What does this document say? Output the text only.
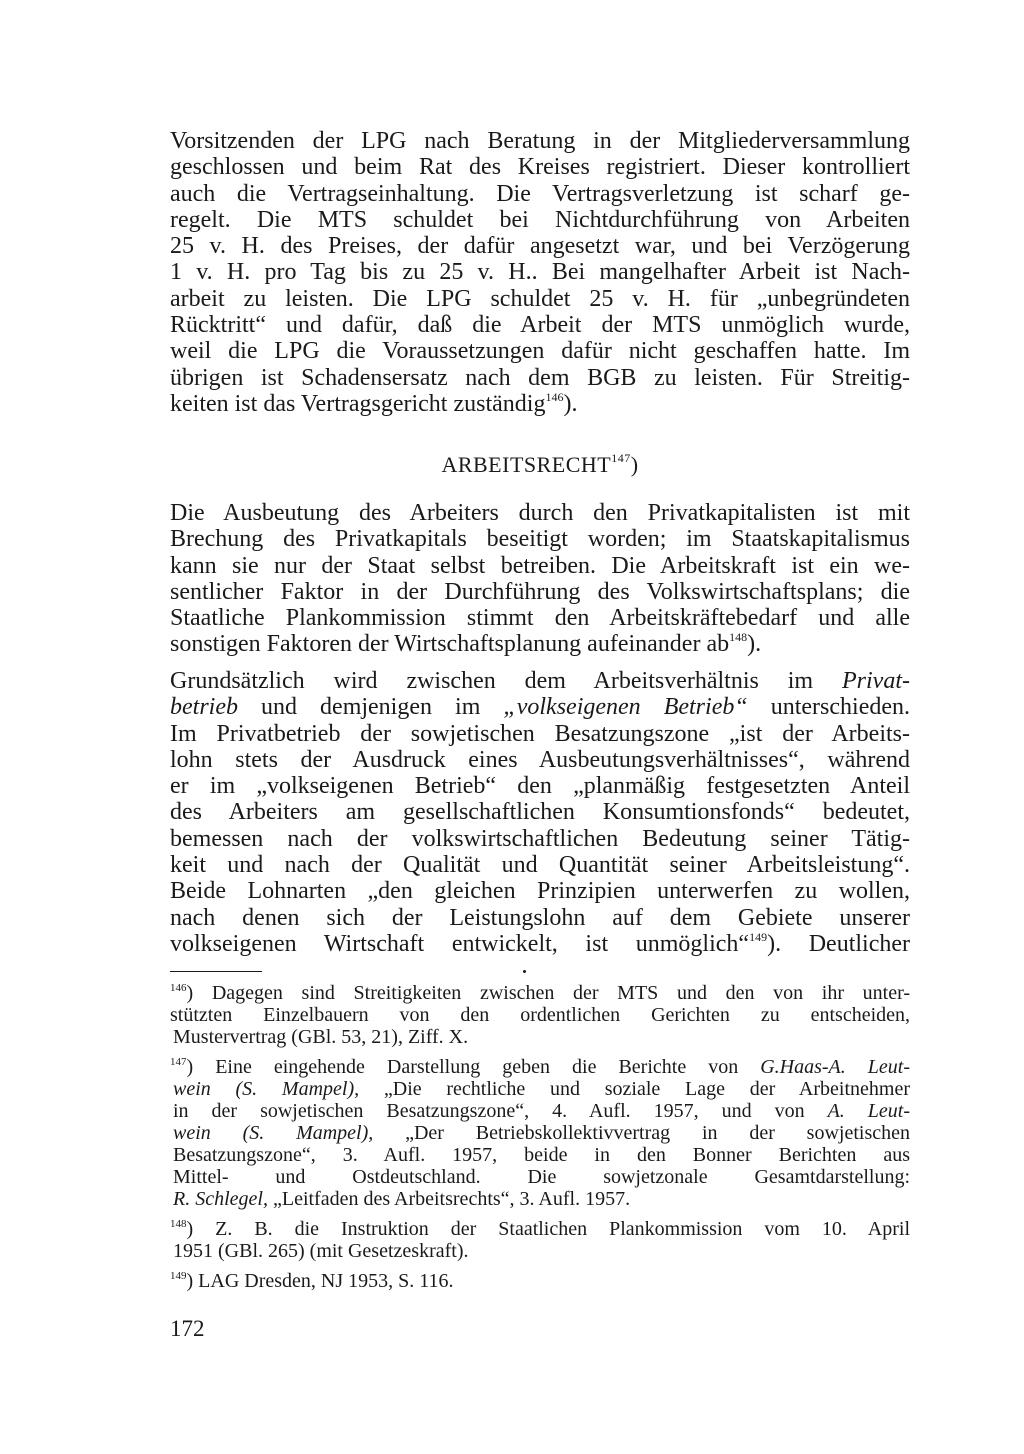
Vorsitzenden der LPG nach Beratung in der Mitgliederversammlung
geschlossen und beim Rat des Kreises registriert. Dieser kontrolliert
auch die Vertragseinhaltung. Die Vertragsverletzung ist scharf ge-
regelt. Die MTS schuldet bei Nichtdurchführung von Arbeiten
25 v. H. des Preises, der dafür angesetzt war, und bei Verzögerung
1 v. H. pro Tag bis zu 25 v. H.. Bei mangelhafter Arbeit ist Nach-
arbeit zu leisten. Die LPG schuldet 25 v. H. für „unbegründeten
Rücktritt“ und dafür, daß die Arbeit der MTS unmöglich wurde,
weil die LPG die Voraussetzungen dafür nicht geschaffen hatte. Im
übrigen ist Schadensersatz nach dem BGB zu leisten. Für Streitig-
keiten ist das Vertragsgericht zuständig$^{146}$).

ARBEITSRECHT$^{147}$)

Die Ausbeutung des Arbeiters durch den Privatkapitalisten ist mit
Brechung des Privatkapitals beseitigt worden; im Staatskapitalismus
kann sie nur der Staat selbst betreiben. Die Arbeitskraft ist ein we-
sentlicher Faktor in der Durchführung des Volkswirtschaftsplans; die
Staatliche Plankommission stimmt den Arbeitskräftebedarf und alle
sonstigen Faktoren der Wirtschaftsplanung aufeinander $ab^{148}$).

Grundsätzlich wird zwischen dem Arbeitsverhältnis im Privat-
betrieb und demjenigen im „volkseigenen Betrieb“ unterschieden.
Im Privatbetrieb der sowjetischen Besatzungszone „ist der Arbeits-
lohn stets der Ausdruck eines Ausbeutungsverhältnisses“, während
er im „volkseigenen Betrieb“ den „planmäßig festgesetzten Anteil
des Arbeiters am gesellschaftlichen Konsumtionsfonds“ bedeutet,
bemessen nach der volkswirtschaftlichen Bedeutung seiner Tätig-
keit und nach der Qualität und Quantität seiner Arbeitsleistung“.
Beide Lohnarten „den gleichen Prinzipien unterwerfen zu wollen,
nach denen sich der Leistungslohn auf dem Gebiete unserer
volkseigenen Wirtschaft entwickelt, ist unmöglich“$^{149}$). Deutlicher

$^{146}$) Dagegen sind Streitigkeiten zwischen der MTS und den von ihr unter-
stützten Einzelbauern von den ordentlichen Gerichten zu entscheiden,
Mustervertrag (GBl. 53, 21), Ziff. X.
$^{147}$) Eine eingehende Darstellung geben die Berichte von G.Haas-A. Leut-
wein (S. Mampel), „Die rechtliche und soziale Lage der Arbeitnehmer
in der sowjetischen Besatzungszone“, 4. Aufl. 1957, und von A. Leut-
wein (S. Mampel), „Der Betriebskollektivvertrag in der sowjetischen
Besatzungszone“, 3. Aufl. 1957, beide in den Bonner Berichten aus
Mittel- und Ostdeutschland. Die sowjetzonale Gesamtdarstellung:
R. Schlegel, „Leitfaden des Arbeitsrechts“, 3. Aufl. 1957.
$^{148}$) Z. B. die Instruktion der Staatlichen Plankommission vom 10. April
1951 (GBl. 265) (mit Gesetzeskraft).
$^{149}$) LAG Dresden, NJ 1953, S. 116.
172
